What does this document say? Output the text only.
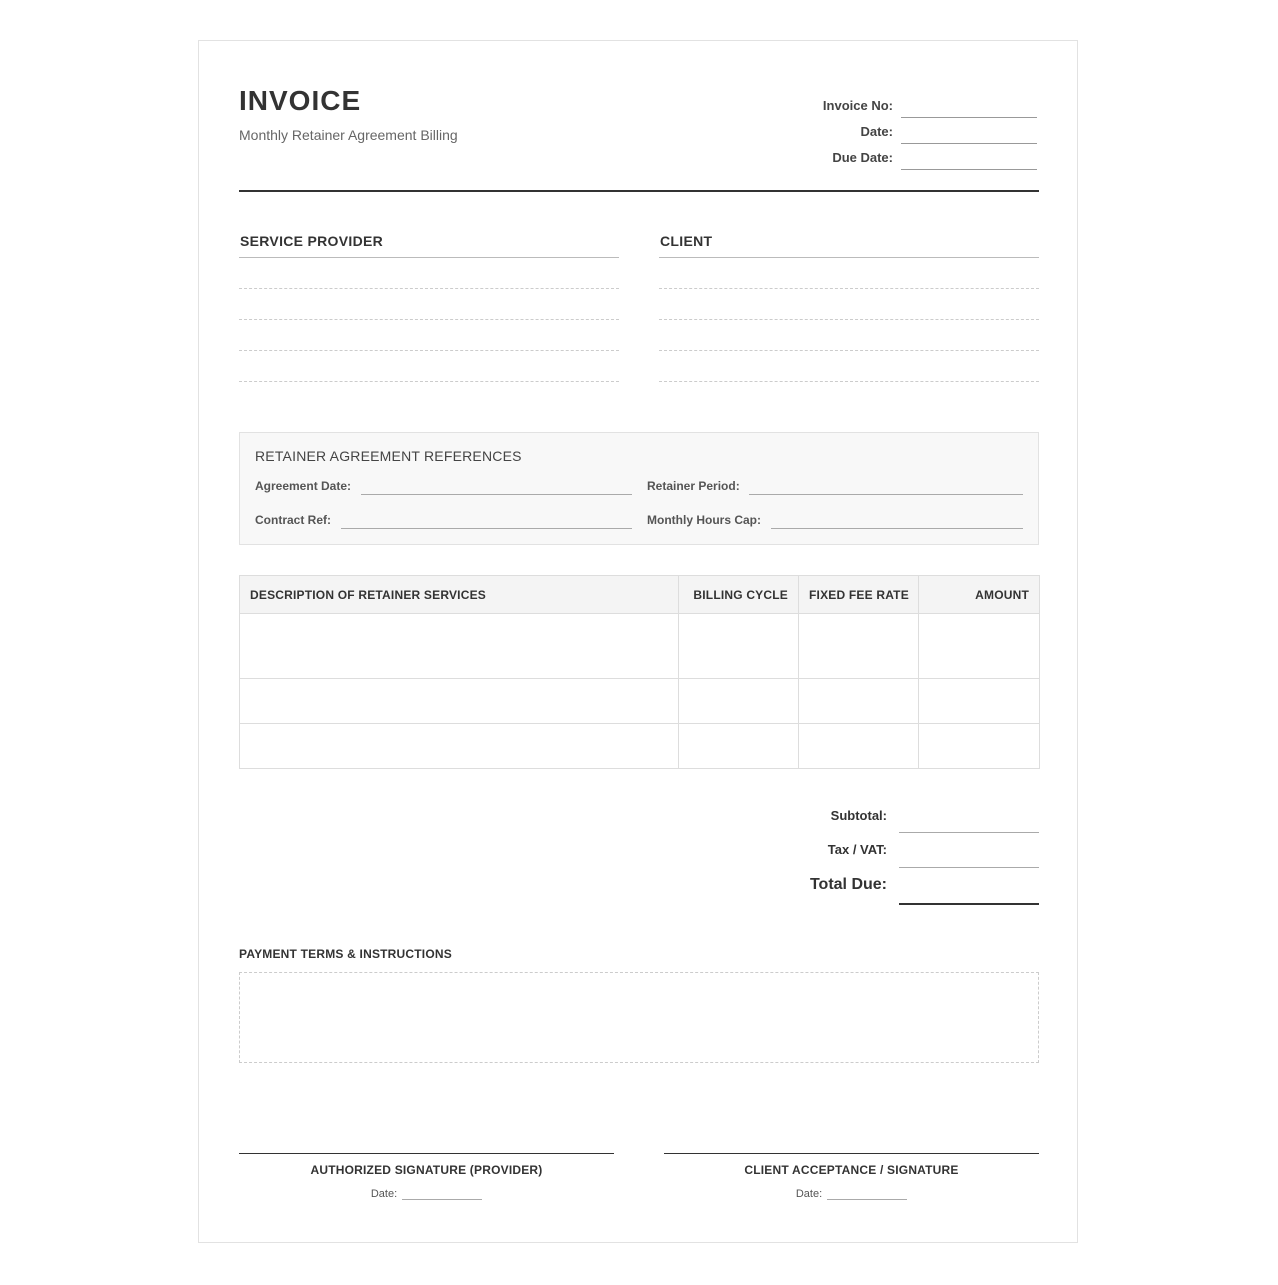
INVOICE
Monthly Retainer Agreement Billing
Invoice No:
Date:
Due Date:
SERVICE PROVIDER	CLIENT
RETAINER AGREEMENT REFERENCES
Agreement Date:	Retainer Period:
Contract Ref:	Monthly Hours Cap:
DESCRIPTION OF RETAINER SERVICES	BILLING CYCLE	FIXED FEE RATE	AMOUNT

Subtotal:
Tax / VAT:
Total Due:
PAYMENT TERMS & INSTRUCTIONS
AUTHORIZED SIGNATURE (PROVIDER)
Date:
CLIENT ACCEPTANCE / SIGNATURE
Date:
